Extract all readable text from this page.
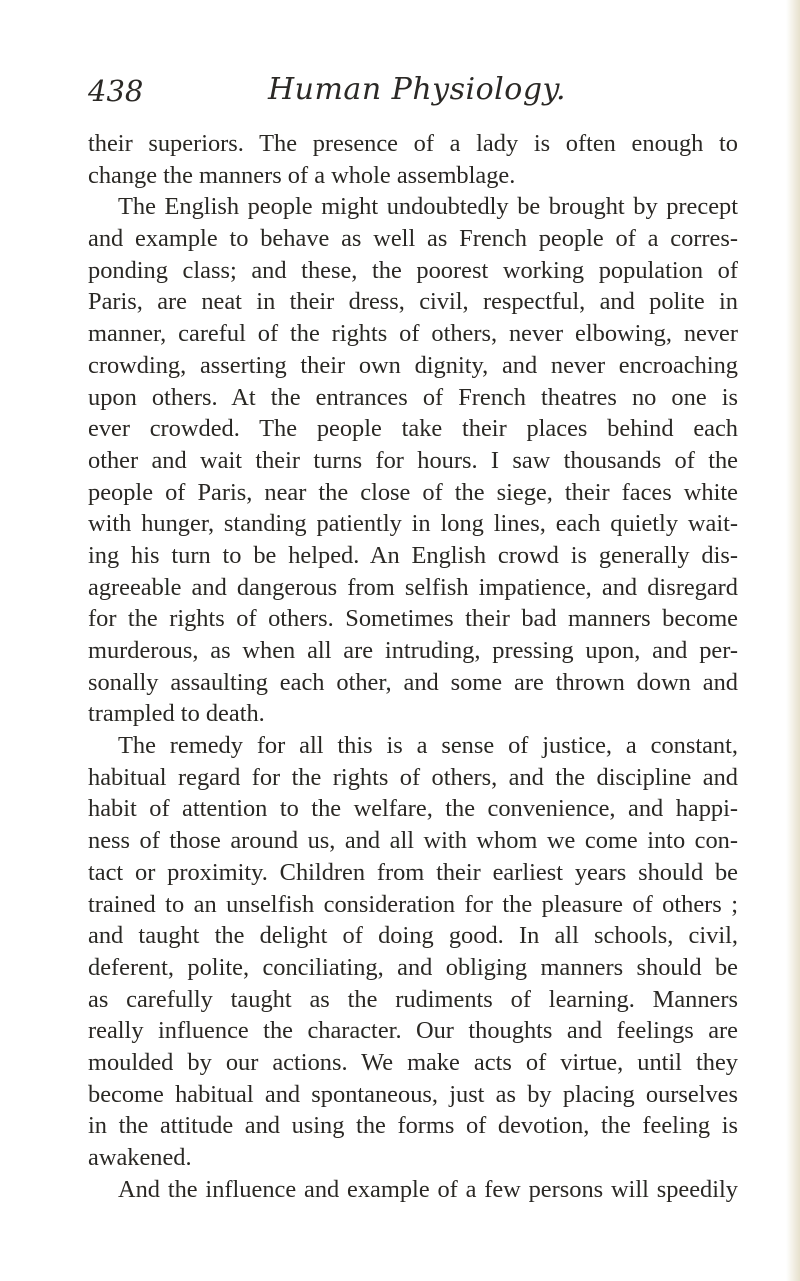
438	Human Physiology.
their superiors. The presence of a lady is often enough to
change the manners of a whole assemblage.
The English people might undoubtedly be brought by precept
and example to behave as well as French people of a corres-
ponding class; and these, the poorest working population of
Paris, are neat in their dress, civil, respectful, and polite in
manner, careful of the rights of others, never elbowing, never
crowding, asserting their own dignity, and never encroaching
upon others. At the entrances of French theatres no one is
ever crowded. The people take their places behind each
other and wait their turns for hours. I saw thousands of the
people of Paris, near the close of the siege, their faces white
with hunger, standing patiently in long lines, each quietly wait-
ing his turn to be helped. An English crowd is generally dis-
agreeable and dangerous from selfish impatience, and disregard
for the rights of others. Sometimes their bad manners become
murderous, as when all are intruding, pressing upon, and per-
sonally assaulting each other, and some are thrown down and
trampled to death.
The remedy for all this is a sense of justice, a constant,
habitual regard for the rights of others, and the discipline and
habit of attention to the welfare, the convenience, and happi-
ness of those around us, and all with whom we come into con-
tact or proximity. Children from their earliest years should be
trained to an unselfish consideration for the pleasure of others ;
and taught the delight of doing good. In all schools, civil,
deferent, polite, conciliating, and obliging manners should be
as carefully taught as the rudiments of learning. Manners
really influence the character. Our thoughts and feelings are
moulded by our actions. We make acts of virtue, until they
become habitual and spontaneous, just as by placing ourselves
in the attitude and using the forms of devotion, the feeling is
awakened.
And the influence and example of a few persons will speedily
